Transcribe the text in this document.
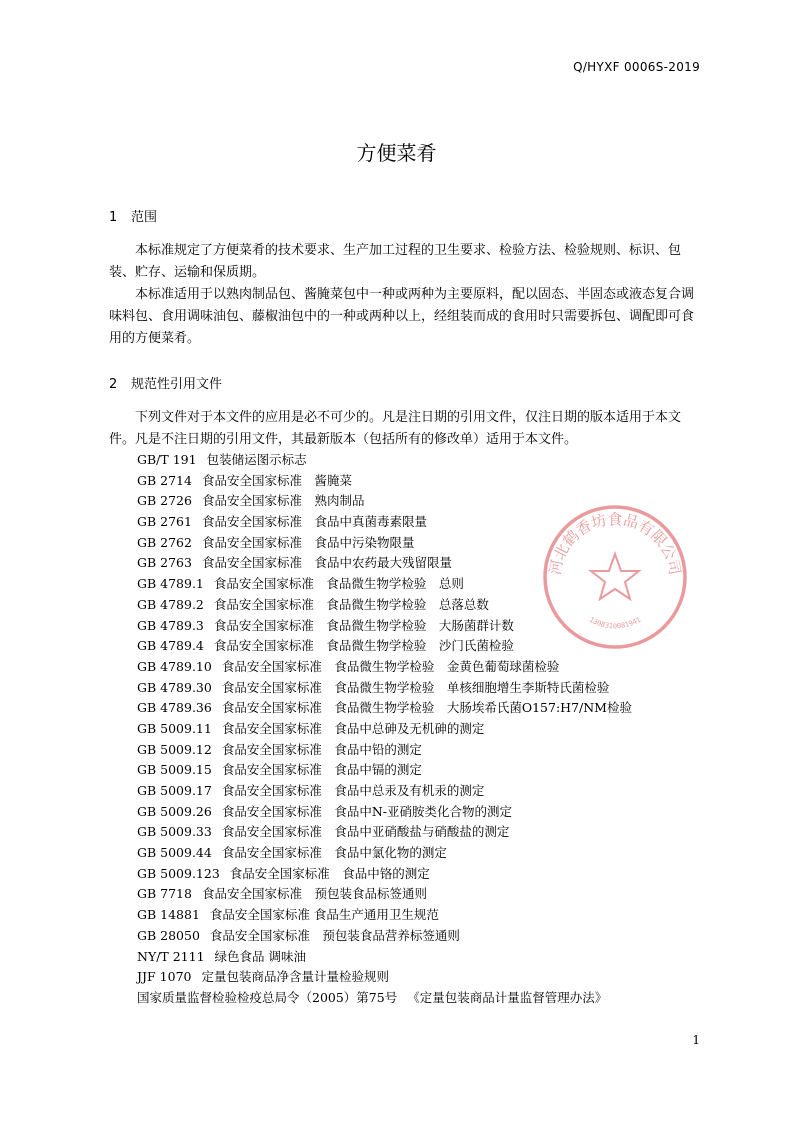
Q/HYXF 0006S-2019
方便菜肴
1 范围

本标准规定了方便菜肴的技术要求、生产加工过程的卫生要求、检验方法、检验规则、标识、包装、贮存、运输和保质期。

本标准适用于以熟肉制品包、酱腌菜包中一种或两种为主要原料，配以固态、半固态或液态复合调味料包、食用调味油包、藤椒油包中的一种或两种以上，经组装而成的食用时只需要拆包、调配即可食用的方便菜肴。

2 规范性引用文件

下列文件对于本文件的应用是必不可少的。凡是注日期的引用文件，仅注日期的版本适用于本文件。凡是不注日期的引用文件，其最新版本（包括所有的修改单）适用于本文件。

GB/T 191 包装储运图示标志
GB 2714 食品安全国家标准　酱腌菜
GB 2726 食品安全国家标准　熟肉制品
GB 2761 食品安全国家标准　食品中真菌毒素限量
GB 2762 食品安全国家标准　食品中污染物限量
GB 2763 食品安全国家标准　食品中农药最大残留限量
GB 4789.1 食品安全国家标准　食品微生物学检验　总则
GB 4789.2 食品安全国家标准　食品微生物学检验　总落总数
GB 4789.3 食品安全国家标准　食品微生物学检验　大肠菌群计数
GB 4789.4 食品安全国家标准　食品微生物学检验　沙门氏菌检验
GB 4789.10 食品安全国家标准　食品微生物学检验　金黄色葡萄球菌检验
GB 4789.30 食品安全国家标准　食品微生物学检验　单核细胞增生李斯特氏菌检验
GB 4789.36 食品安全国家标准　食品微生物学检验　大肠埃希氏菌O157:H7/NM检验
GB 5009.11 食品安全国家标准　食品中总砷及无机砷的测定
GB 5009.12 食品安全国家标准　食品中铅的测定
GB 5009.15 食品安全国家标准　食品中镉的测定
GB 5009.17 食品安全国家标准　食品中总汞及有机汞的测定
GB 5009.26 食品安全国家标准　食品中N-亚硝胺类化合物的测定
GB 5009.33 食品安全国家标准　食品中亚硝酸盐与硝酸盐的测定
GB 5009.44 食品安全国家标准　食品中氯化物的测定
GB 5009.123 食品安全国家标准　食品中铬的测定
GB 7718 食品安全国家标准　预包装食品标签通则
GB 14881 食品安全国家标准 食品生产通用卫生规范
GB 28050 食品安全国家标准　预包装食品营养标签通则
NY/T 2111 绿色食品 调味油
JJF 1070 定量包装商品净含量计量检验规则
国家质量监督检验检疫总局令（2005）第75号 《定量包装商品计量监督管理办法》
河北鹤香坊食品有限公司
1308310081941
1
